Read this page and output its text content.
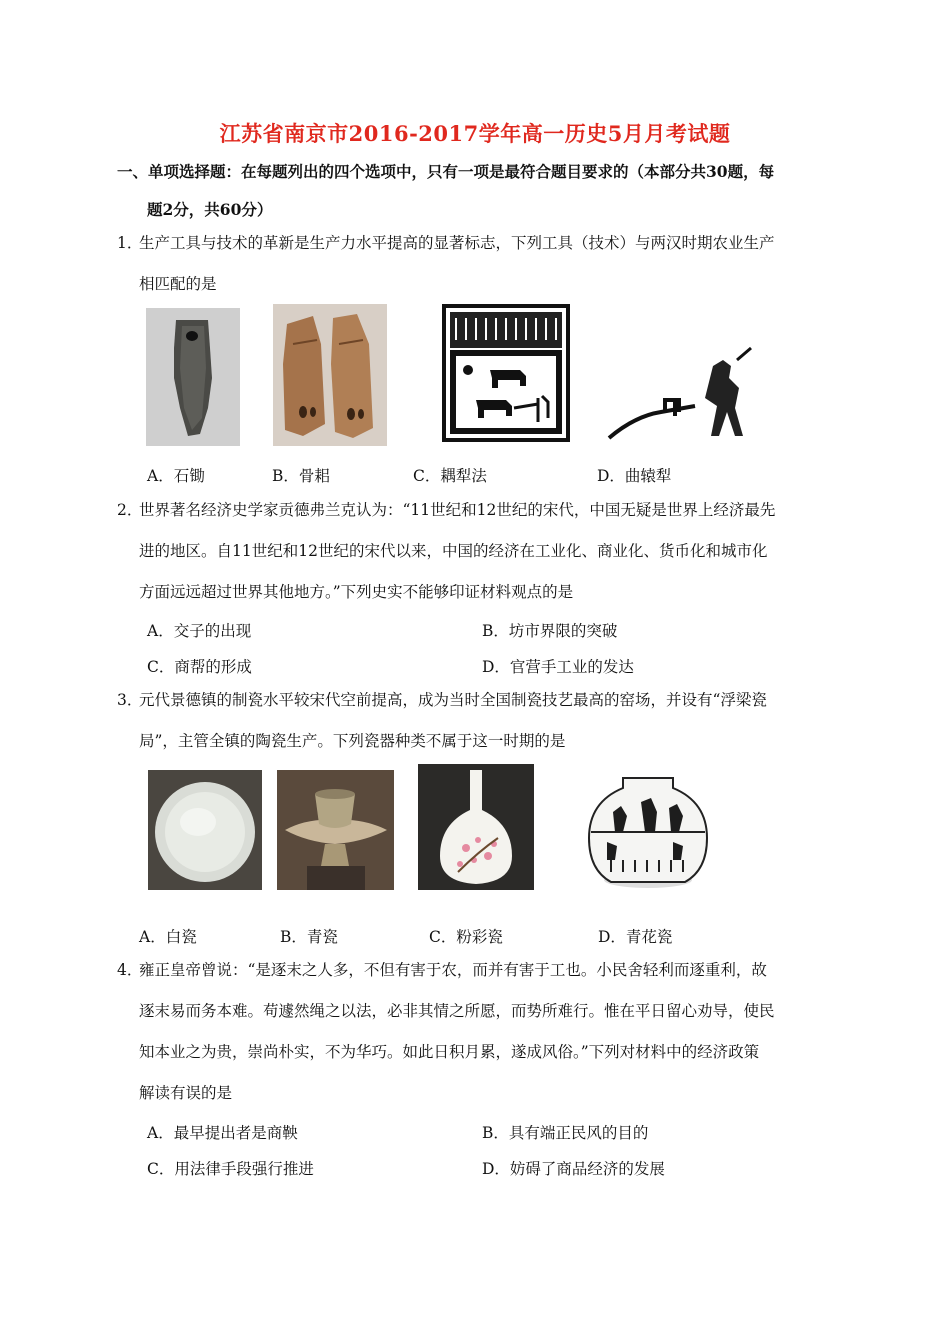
江苏省南京市2016-2017学年高一历史5月月考试题
一、单项选择题：在每题列出的四个选项中，只有一项是最符合题目要求的（本部分共30题，每
题2分，共60分）
1．
生产工具与技术的革新是生产力水平提高的显著标志，下列工具（技术）与两汉时期农业生产
相匹配的是
A．石锄	B．骨耜	C．耦犁法	D．曲辕犁
2．
世界著名经济史学家贡德弗兰克认为：“11世纪和12世纪的宋代，中国无疑是世界上经济最先
进的地区。自11世纪和12世纪的宋代以来，中国的经济在工业化、商业化、货币化和城市化
方面远远超过世界其他地方。”下列史实不能够印证材料观点的是
A．交子的出现	B．坊市界限的突破
C．商帮的形成	D．官营手工业的发达
3．
元代景德镇的制瓷水平较宋代空前提高，成为当时全国制瓷技艺最高的窑场，并设有“浮梁瓷
局”，主管全镇的陶瓷生产。下列瓷器种类不属于这一时期的是
A．白瓷	B．青瓷	C．粉彩瓷	D．青花瓷
4．
雍正皇帝曾说：“是逐末之人多，不但有害于农，而并有害于工也。小民舍轻利而逐重利，故
逐末易而务本难。苟遽然绳之以法，必非其情之所愿，而势所难行。惟在平日留心劝导，使民
知本业之为贵，崇尚朴实，不为华巧。如此日积月累，遂成风俗。”下列对材料中的经济政策
解读有误的是
A．最早提出者是商鞅	B．具有端正民风的目的
C．用法律手段强行推进	D．妨碍了商品经济的发展
